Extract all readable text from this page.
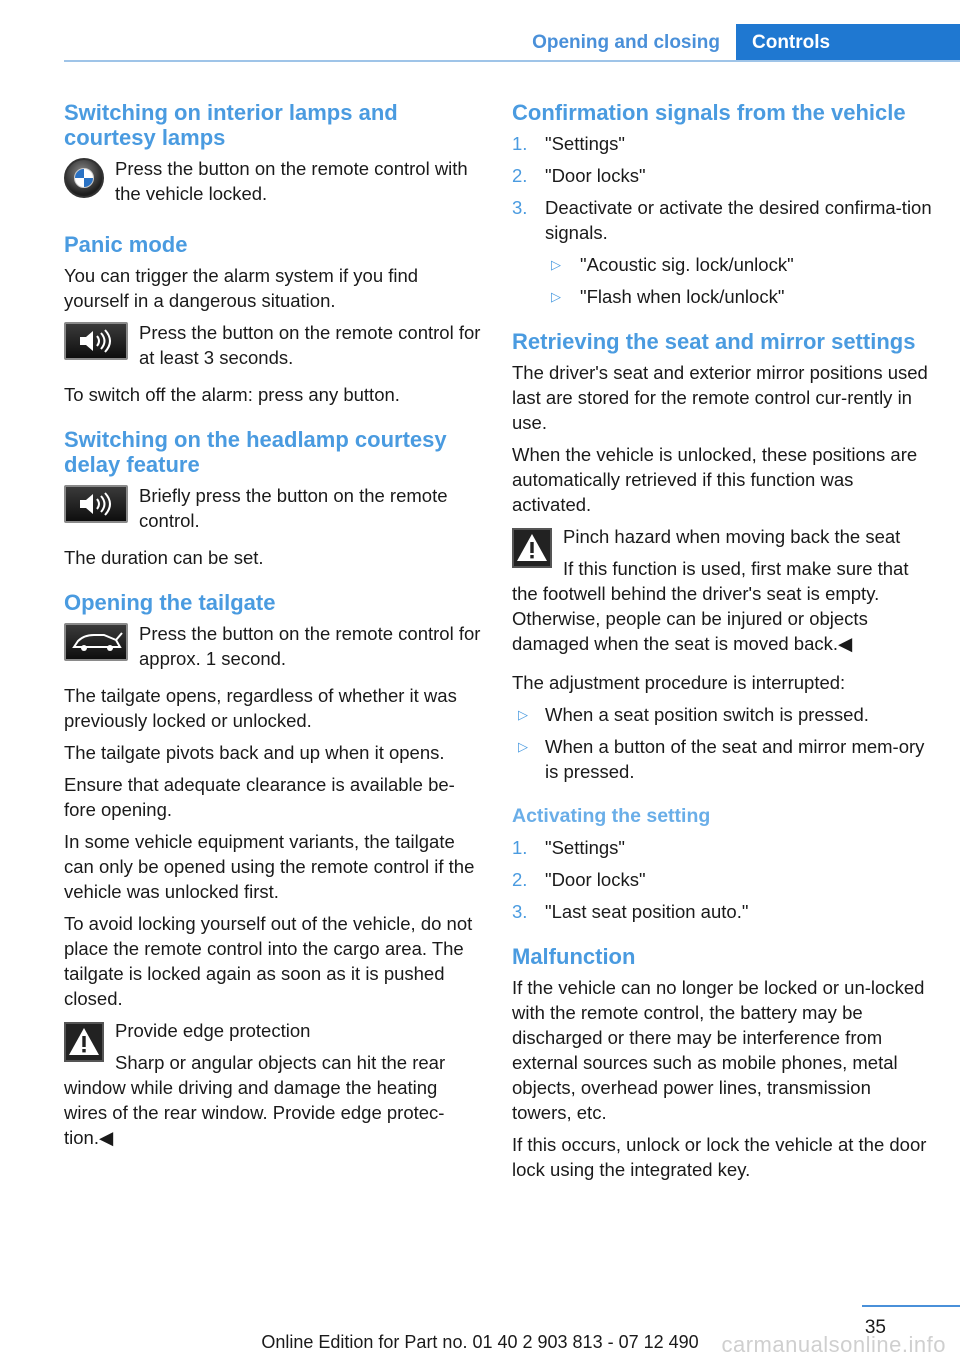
Opening and closing	Controls
Switching on interior lamps and courtesy lamps
Press the button on the remote control with the vehicle locked.
Panic mode

You can trigger the alarm system if you find yourself in a dangerous situation.

Press the button on the remote control for at least 3 seconds.

To switch off the alarm: press any button.

Switching on the headlamp courtesy delay feature
Briefly press the button on the remote control.

The duration can be set.

Opening the tailgate
Press the button on the remote control for approx. 1 second.

The tailgate opens, regardless of whether it was previously locked or unlocked.

The tailgate pivots back and up when it opens.

Ensure that adequate clearance is available be-fore opening.

In some vehicle equipment variants, the tailgate can only be opened using the remote control if the vehicle was unlocked first.

To avoid locking yourself out of the vehicle, do not place the remote control into the cargo area. The tailgate is locked again as soon as it is pushed closed.

Provide edge protection
Sharp or angular objects can hit the rear
window while driving and damage the heating wires of the rear window. Provide edge protec-tion.◀
Confirmation signals from the vehicle
1. "Settings"
2. "Door locks"
3. Deactivate or activate the desired confirma-tion signals.
▷ "Acoustic sig. lock/unlock"
▷ "Flash when lock/unlock"
Retrieving the seat and mirror settings

The driver's seat and exterior mirror positions used last are stored for the remote control cur-rently in use.

When the vehicle is unlocked, these positions are automatically retrieved if this function was activated.

Pinch hazard when moving back the seat
If this function is used, first make sure that
the footwell behind the driver's seat is empty. Otherwise, people can be injured or objects damaged when the seat is moved back.◀

The adjustment procedure is interrupted:

▷ When a seat position switch is pressed.
▷ When a button of the seat and mirror mem-ory is pressed.
Activating the setting
1. "Settings"
2. "Door locks"
3. "Last seat position auto."
Malfunction

If the vehicle can no longer be locked or un-locked with the remote control, the battery may be discharged or there may be interference from external sources such as mobile phones, metal objects, overhead power lines, transmission towers, etc.

If this occurs, unlock or lock the vehicle at the door lock using the integrated key.

35
Online Edition for Part no. 01 40 2 903 813 - 07 12 490	carmanualsonline.info
